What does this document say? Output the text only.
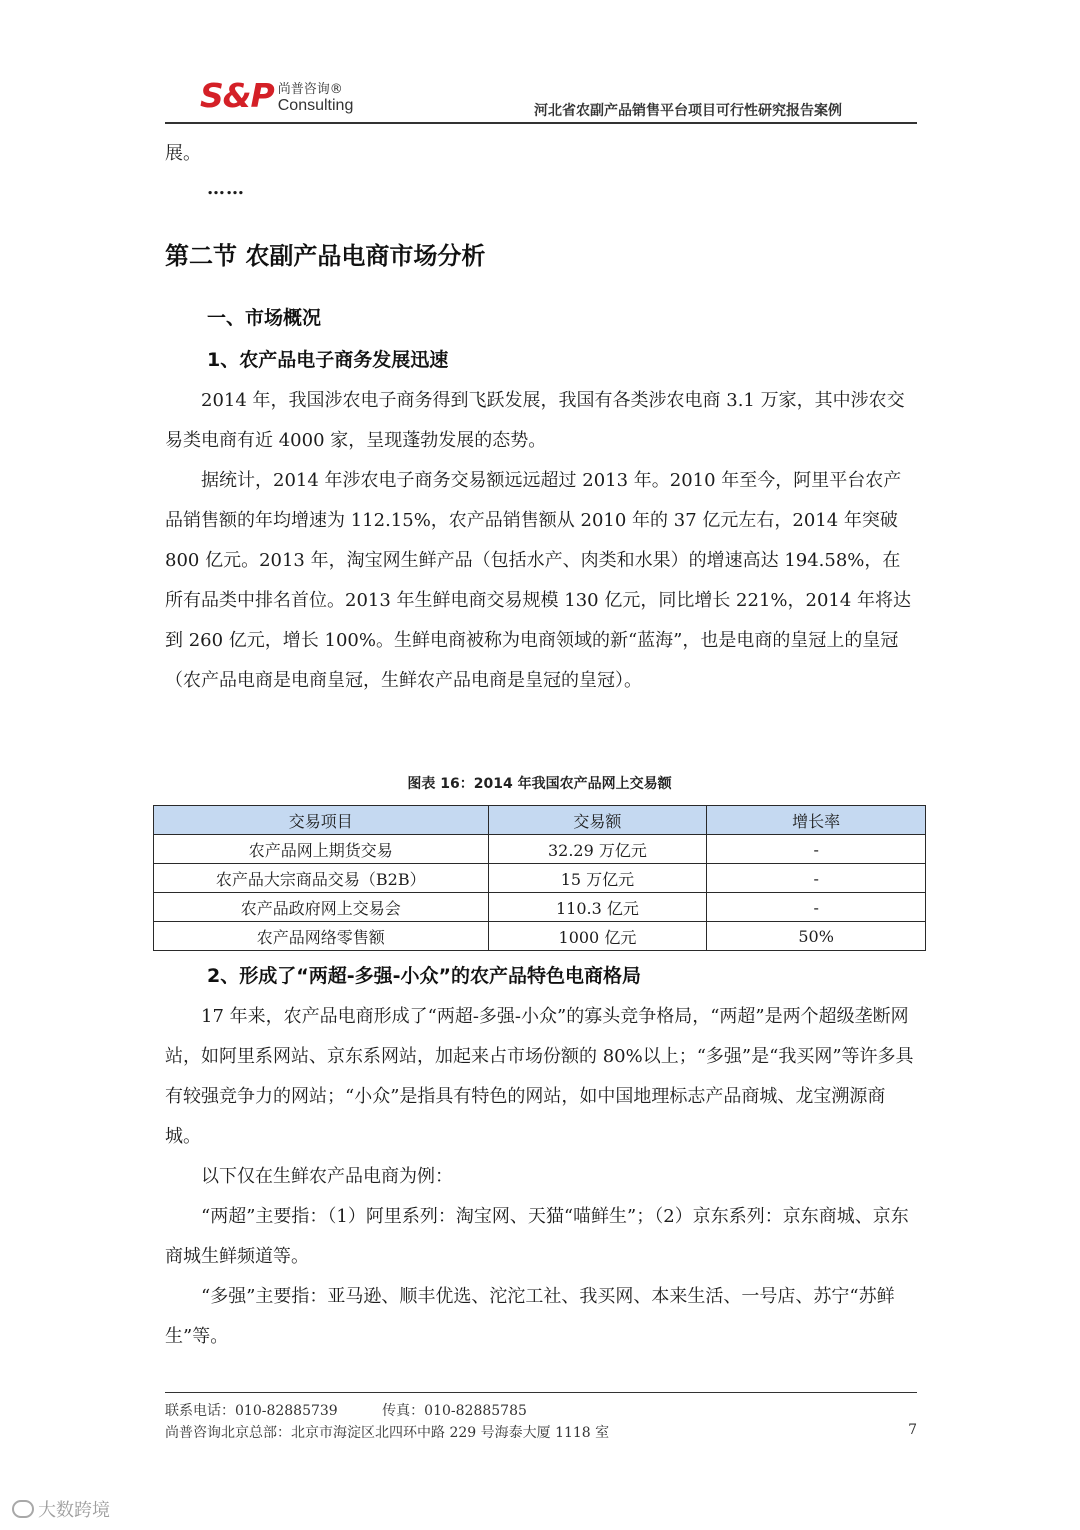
S&P 尚普咨询®
Consulting	河北省农副产品销售平台项目可行性研究报告案例

展。

……
第二节 农副产品电商市场分析
一、市场概况
1、农产品电子商务发展迅速

2014 年，我国涉农电子商务得到飞跃发展，我国有各类涉农电商 3.1 万家，其中涉农交易类电商有近 4000 家，呈现蓬勃发展的态势。

据统计，2014 年涉农电子商务交易额远远超过 2013 年。2010 年至今，阿里平台农产品销售额的年均增速为 112.15%，农产品销售额从 2010 年的 37 亿元左右，2014 年突破 800 亿元。2013 年，淘宝网生鲜产品（包括水产、肉类和水果）的增速高达 194.58%，在所有品类中排名首位。2013 年生鲜电商交易规模 130 亿元，同比增长 221%，2014 年将达到 260 亿元，增长 100%。生鲜电商被称为电商领域的新“蓝海”，也是电商的皇冠上的皇冠（农产品电商是电商皇冠，生鲜农产品电商是皇冠的皇冠）。

图表 16：2014 年我国农产品网上交易额
交易项目	交易额	增长率
农产品网上期货交易	32.29 万亿元	-
农产品大宗商品交易（B2B）	15 万亿元	-
农产品政府网上交易会	110.3 亿元	-
农产品网络零售额	1000 亿元	50%
2、形成了“两超-多强-小众”的农产品特色电商格局

17 年来，农产品电商形成了“两超-多强-小众”的寡头竞争格局，“两超”是两个超级垄断网站，如阿里系网站、京东系网站，加起来占市场份额的 80%以上；“多强”是“我买网”等许多具有较强竞争力的网站；“小众”是指具有特色的网站，如中国地理标志产品商城、龙宝溯源商城。

以下仅在生鲜农产品电商为例：

“两超”主要指：（1）阿里系列：淘宝网、天猫“喵鲜生”；（2）京东系列：京东商城、京东商城生鲜频道等。

“多强”主要指：亚马逊、顺丰优选、沱沱工社、我买网、本来生活、一号店、苏宁“苏鲜生”等。

联系电话：010-82885739	传真：010-82885785
尚普咨询北京总部：北京市海淀区北四环中路 229 号海泰大厦 1118 室	7
大数跨境
